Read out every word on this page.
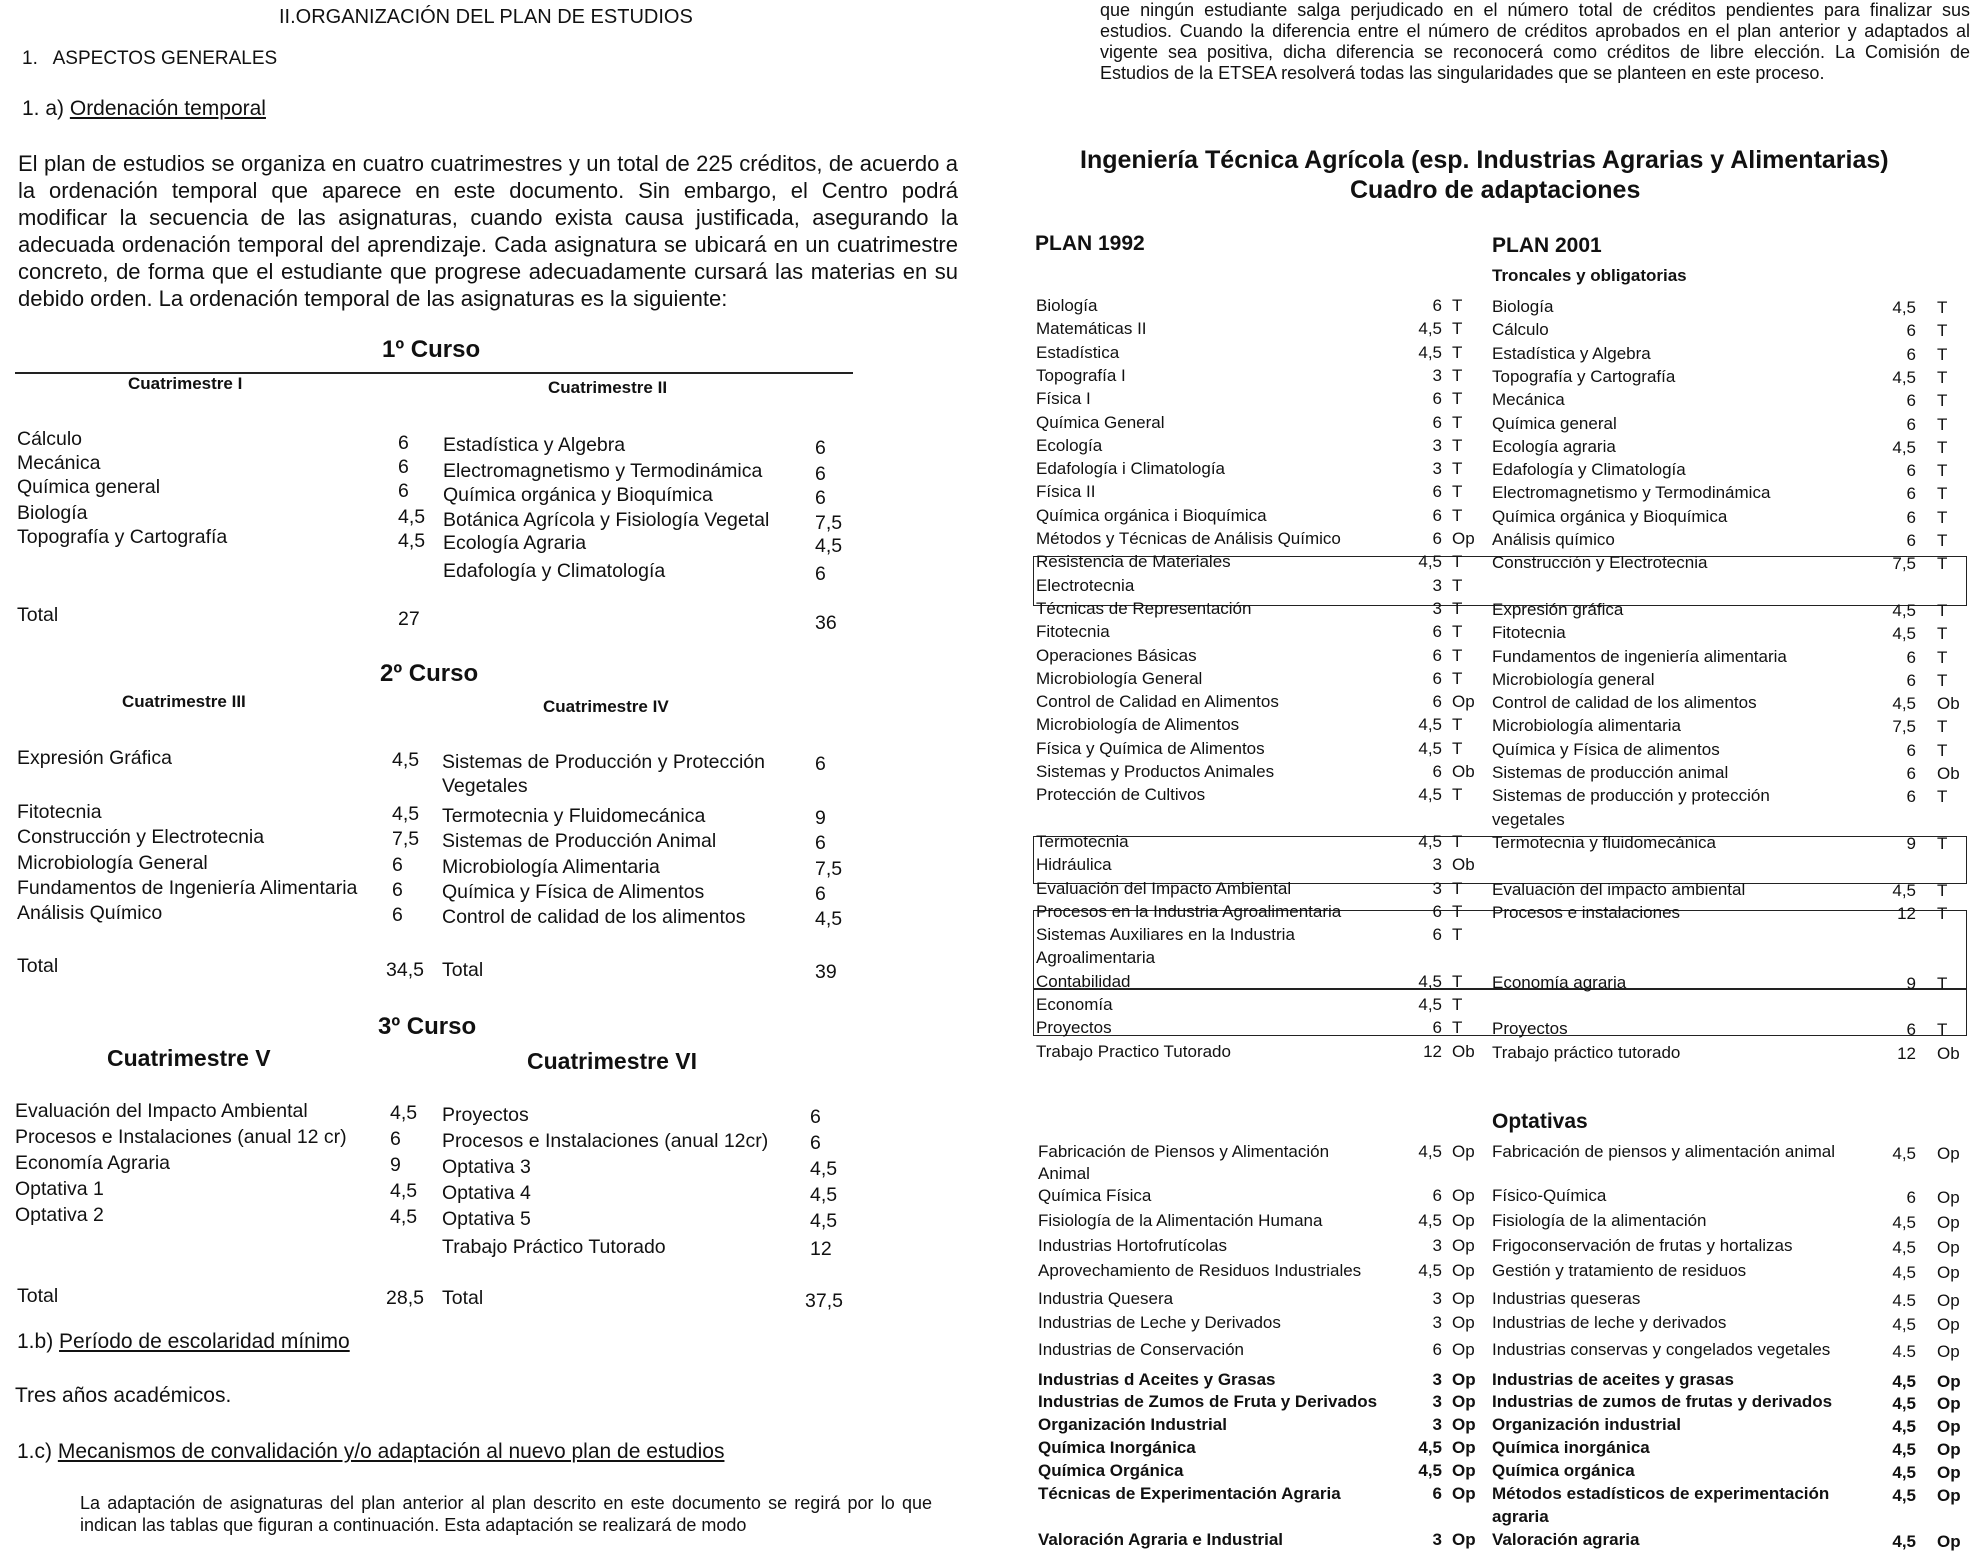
II.ORGANIZACIÓN DEL PLAN DE ESTUDIOS
1.   ASPECTOS GENERALES
1. a) Ordenación temporal
El plan de estudios se organiza en cuatro cuatrimestres y un total de 225 créditos, de acuerdo a la ordenación temporal que aparece en este documento. Sin embargo, el Centro podrá modificar la secuencia de las asignaturas, cuando exista causa justificada, asegurando la adecuada ordenación temporal del aprendizaje. Cada asignatura se ubicará en un cuatrimestre concreto, de forma que el estudiante que progrese adecuadamente cursará las materias en su debido orden. La ordenación temporal de las asignaturas es la siguiente:
1º Curso
Cuatrimestre I	Cuatrimestre II
Cálculo	6
Mecánica	6
Química general	6
Biología	4,5
Topografía y Cartografía	4,5
Estadística y Algebra	6
Electromagnetismo y Termodinámica	6
Química orgánica y Bioquímica	6
Botánica Agrícola y Fisiología Vegetal 7,5
Ecología Agraria	4,5
Edafología y Climatología	6
Total	27	36
2º Curso
Cuatrimestre III	Cuatrimestre IV
Expresión Gráfica	4,5 Sistemas de Producción y Protección	6
Vegetales
Fitotecnia	4,5 Termotecnia y Fluidomecánica	9
Construcción y Electrotecnia	7,5 Sistemas de Producción Animal	6
Microbiología General	6 Microbiología Alimentaria	7,5
Fundamentos de Ingeniería Alimentaria 6 Química y Física de Alimentos	6
Análisis Químico	6 Control de calidad de los alimentos	4,5
Total	34,5 Total	39
3º Curso
Cuatrimestre V	Cuatrimestre VI
Evaluación del Impacto Ambiental	4,5 Proyectos	6
Procesos e Instalaciones (anual 12 cr) 6 Procesos e Instalaciones (anual 12cr) 6
Economía Agraria	9 Optativa 3	4,5
Optativa 1	4,5 Optativa 4	4,5
Optativa 2	4,5 Optativa 5	4,5
Trabajo Práctico Tutorado	12
Total	28,5 Total	37,5
1.b) Período de escolaridad mínimo
Tres años académicos.
1.c) Mecanismos de convalidación y/o adaptación al nuevo plan de estudios
La adaptación de asignaturas del plan anterior al plan descrito en este documento se regirá por lo que indican las tablas que figuran a continuación. Esta adaptación se realizará de modo
que ningún estudiante salga perjudicado en el número total de créditos pendientes para finalizar sus estudios. Cuando la diferencia entre el número de créditos aprobados en el plan anterior y adaptados al vigente sea positiva, dicha diferencia se reconocerá como créditos de libre elección. La Comisión de Estudios de la ETSEA resolverá todas las singularidades que se planteen en este proceso.
Ingeniería Técnica Agrícola (esp. Industrias Agrarias y Alimentarias)
Cuadro de adaptaciones
PLAN 1992	PLAN 2001
Troncales y obligatorias
Biología	6 T Biología	4,5 T
Matemáticas II	4,5 T Cálculo	6 T
Estadística	4,5 T Estadística y Algebra	6 T
Topografía I	3 T Topografía y Cartografía	4,5 T
Física I	6 T Mecánica	6 T
Química General	6 T Química general	6 T
Ecología	3 T Ecología agraria	4,5 T
Edafología i Climatología	3 T Edafología y Climatología	6 T
Física II	6 T Electromagnetismo y Termodinámica	6 T
Química orgánica i Bioquímica	6 T Química orgánica y Bioquímica	6 T
Métodos y Técnicas de Análisis Químico	6 Op Análisis químico	6 T
Resistencia de Materiales	4,5 T Construcción y Electrotecnia	7,5 T
Electrotecnia	3 T
Técnicas de Representación	3 T Expresión gráfica	4,5 T
Fitotecnia	6 T Fitotecnia	4,5 T
Operaciones Básicas	6 T Fundamentos de ingeniería alimentaria	6 T
Microbiología General	6 T Microbiología general	6 T
Control de Calidad en Alimentos	6 Op Control de calidad de los alimentos	4,5 Ob
Microbiología de Alimentos	4,5 T Microbiología alimentaria	7,5 T
Física y Química de Alimentos	4,5 T Química y Física de alimentos	6 T
Sistemas y Productos Animales	6 Ob Sistemas de producción animal	6 Ob
Protección de Cultivos	4,5 T Sistemas de producción y protección	6 T
vegetales
Termotecnia	4,5 T Termotecnia y fluidomecánica	9 T
Hidráulica	3 Ob
Evaluación del Impacto Ambiental	3 T Evaluación del impacto ambiental	4,5 T
Procesos en la Industria Agroalimentaria	6 T Procesos e instalaciones	12 T
Sistemas Auxiliares en la Industria	6 T
Agroalimentaria
Contabilidad	4,5 T Economía agraria	9 T
Economía	4,5 T
Proyectos	6 T Proyectos	6 T
Trabajo Practico Tutorado	12 Ob Trabajo práctico tutorado	12 Ob
Optativas
Fabricación de Piensos y Alimentación	4,5 Op Fabricación de piensos y alimentación animal	4,5 Op
Animal
Química Física	6 Op Físico-Química	6 Op
Fisiología de la Alimentación Humana	4,5 Op Fisiología de la alimentación	4,5 Op
Industrias Hortofrutícolas	3 Op Frigoconservación de frutas y hortalizas	4,5 Op
Aprovechamiento de Residuos Industriales	4,5 Op Gestión y tratamiento de residuos	4,5 Op
Industria Quesera	3 Op Industrias queseras	4.5 Op
Industrias de Leche y Derivados	3 Op Industrias de leche y derivados	4,5 Op
Industrias de Conservación	6 Op Industrias conservas y congelados vegetales	4.5 Op
Industrias d Aceites y Grasas	3 Op Industrias de aceites y grasas	4,5 Op
Industrias de Zumos de Fruta y Derivados	3 Op Industrias de zumos de frutas y derivados	4,5 Op
Organización Industrial	3 Op Organización industrial	4,5 Op
Química Inorgánica	4,5 Op Química inorgánica	4,5 Op
Química Orgánica	4,5 Op Química orgánica	4,5 Op
Técnicas de Experimentación Agraria	6 Op Métodos estadísticos de experimentación	4,5 Op
agraria
Valoración Agraria e Industrial	3 Op Valoración agraria	4,5 Op
